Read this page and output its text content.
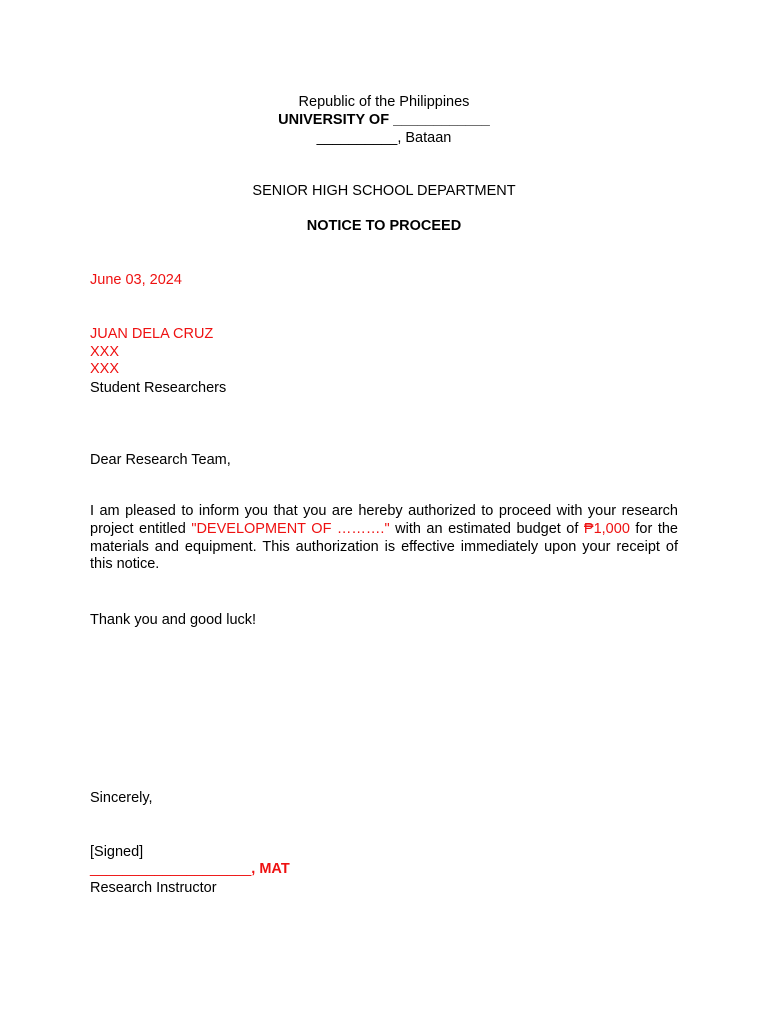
Republic of the Philippines
UNIVERSITY OF ____________
__________, Bataan
SENIOR HIGH SCHOOL DEPARTMENT
NOTICE TO PROCEED
June 03, 2024
JUAN DELA CRUZ
XXX
XXX
Student Researchers
Dear Research Team,
I am pleased to inform you that you are hereby authorized to proceed with your research project entitled "DEVELOPMENT OF ………." with an estimated budget of ₱1,000 for the materials and equipment. This authorization is effective immediately upon your receipt of this notice.
Thank you and good luck!
Sincerely,
[Signed]
____________________, MAT
Research Instructor
